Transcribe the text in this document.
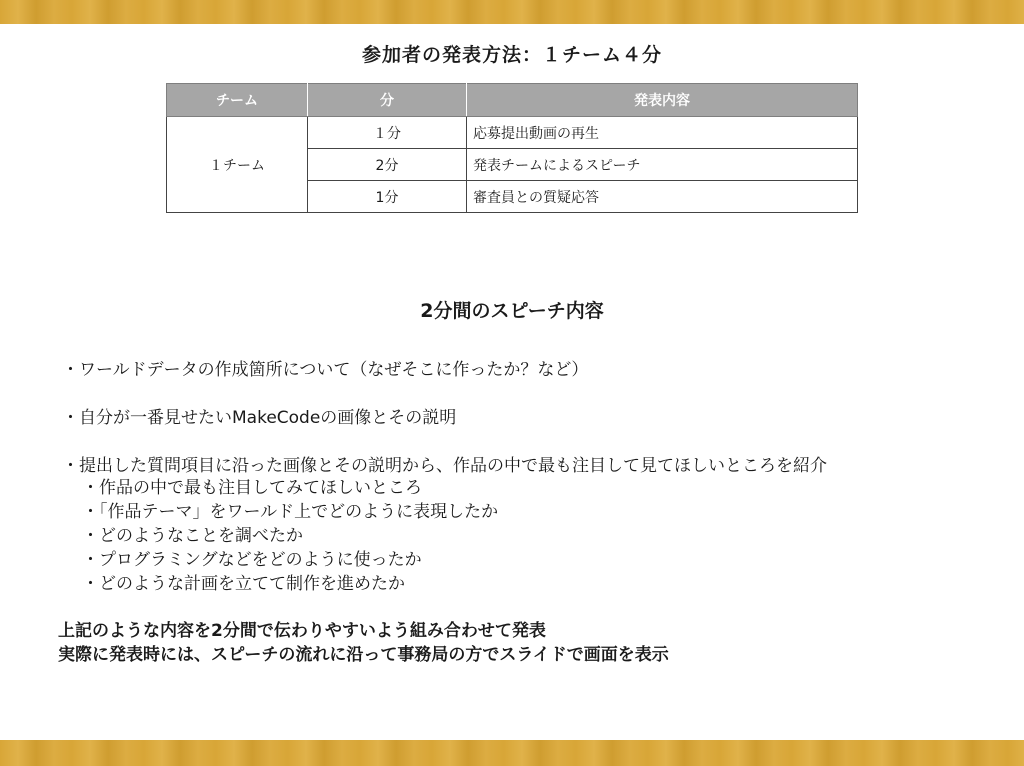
参加者の発表方法：１チーム４分
チーム	分	発表内容
１チーム	１分	応募提出動画の再生
	2分	発表チームによるスピーチ
	1分	審査員との質疑応答
2分間のスピーチ内容
・ワールドデータの作成箇所について（なぜそこに作ったか？など）
・自分が一番見せたいMakeCodeの画像とその説明
・提出した質問項目に沿った画像とその説明から、作品の中で最も注目して見てほしいところを紹介
・作品の中で最も注目してみてほしいところ
・「作品テーマ」をワールド上でどのように表現したか
・どのようなことを調べたか
・プログラミングなどをどのように使ったか
・どのような計画を立てて制作を進めたか
上記のような内容を2分間で伝わりやすいよう組み合わせて発表
実際に発表時には、スピーチの流れに沿って事務局の方でスライドで画面を表示
